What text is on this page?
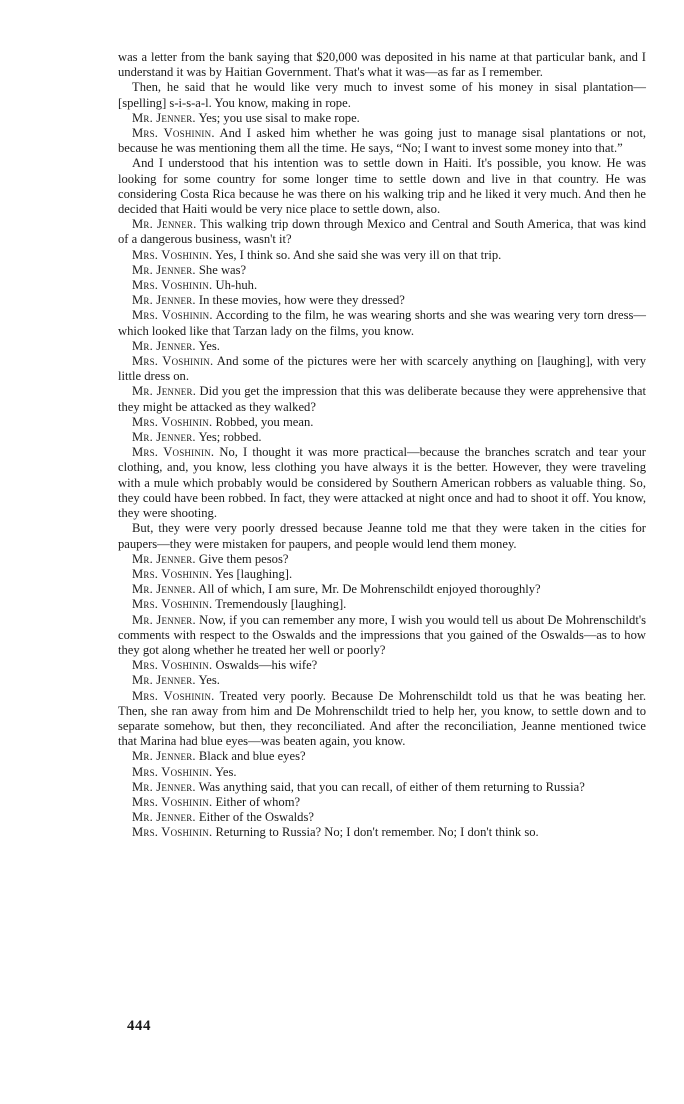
was a letter from the bank saying that $20,000 was deposited in his name at that particular bank, and I understand it was by Haitian Government. That's what it was—as far as I remember.

Then, he said that he would like very much to invest some of his money in sisal plantation—[spelling] s-i-s-a-l. You know, making in rope.

Mr. Jenner. Yes; you use sisal to make rope.

Mrs. Voshinin. And I asked him whether he was going just to manage sisal plantations or not, because he was mentioning them all the time. He says, “No; I want to invest some money into that.”

And I understood that his intention was to settle down in Haiti. It's possible, you know. He was looking for some country for some longer time to settle down and live in that country. He was considering Costa Rica because he was there on his walking trip and he liked it very much. And then he decided that Haiti would be very nice place to settle down, also.

Mr. Jenner. This walking trip down through Mexico and Central and South America, that was kind of a dangerous business, wasn't it?

Mrs. Voshinin. Yes, I think so. And she said she was very ill on that trip.

Mr. Jenner. She was?

Mrs. Voshinin. Uh-huh.

Mr. Jenner. In these movies, how were they dressed?

Mrs. Voshinin. According to the film, he was wearing shorts and she was wearing very torn dress—which looked like that Tarzan lady on the films, you know.

Mr. Jenner. Yes.

Mrs. Voshinin. And some of the pictures were her with scarcely anything on [laughing], with very little dress on.

Mr. Jenner. Did you get the impression that this was deliberate because they were apprehensive that they might be attacked as they walked?

Mrs. Voshinin. Robbed, you mean.

Mr. Jenner. Yes; robbed.

Mrs. Voshinin. No, I thought it was more practical—because the branches scratch and tear your clothing, and, you know, less clothing you have always it is the better. However, they were traveling with a mule which probably would be considered by Southern American robbers as valuable thing. So, they could have been robbed. In fact, they were attacked at night once and had to shoot it off. You know, they were shooting.

But, they were very poorly dressed because Jeanne told me that they were taken in the cities for paupers—they were mistaken for paupers, and people would lend them money.

Mr. Jenner. Give them pesos?

Mrs. Voshinin. Yes [laughing].

Mr. Jenner. All of which, I am sure, Mr. De Mohrenschildt enjoyed thoroughly?

Mrs. Voshinin. Tremendously [laughing].

Mr. Jenner. Now, if you can remember any more, I wish you would tell us about De Mohrenschildt's comments with respect to the Oswalds and the impressions that you gained of the Oswalds—as to how they got along whether he treated her well or poorly?

Mrs. Voshinin. Oswalds—his wife?

Mr. Jenner. Yes.

Mrs. Voshinin. Treated very poorly. Because De Mohrenschildt told us that he was beating her. Then, she ran away from him and De Mohrenschildt tried to help her, you know, to settle down and to separate somehow, but then, they reconciliated. And after the reconciliation, Jeanne mentioned twice that Marina had blue eyes—was beaten again, you know.

Mr. Jenner. Black and blue eyes?

Mrs. Voshinin. Yes.

Mr. Jenner. Was anything said, that you can recall, of either of them returning to Russia?

Mrs. Voshinin. Either of whom?

Mr. Jenner. Either of the Oswalds?

Mrs. Voshinin. Returning to Russia? No; I don't remember. No; I don't think so.

444
